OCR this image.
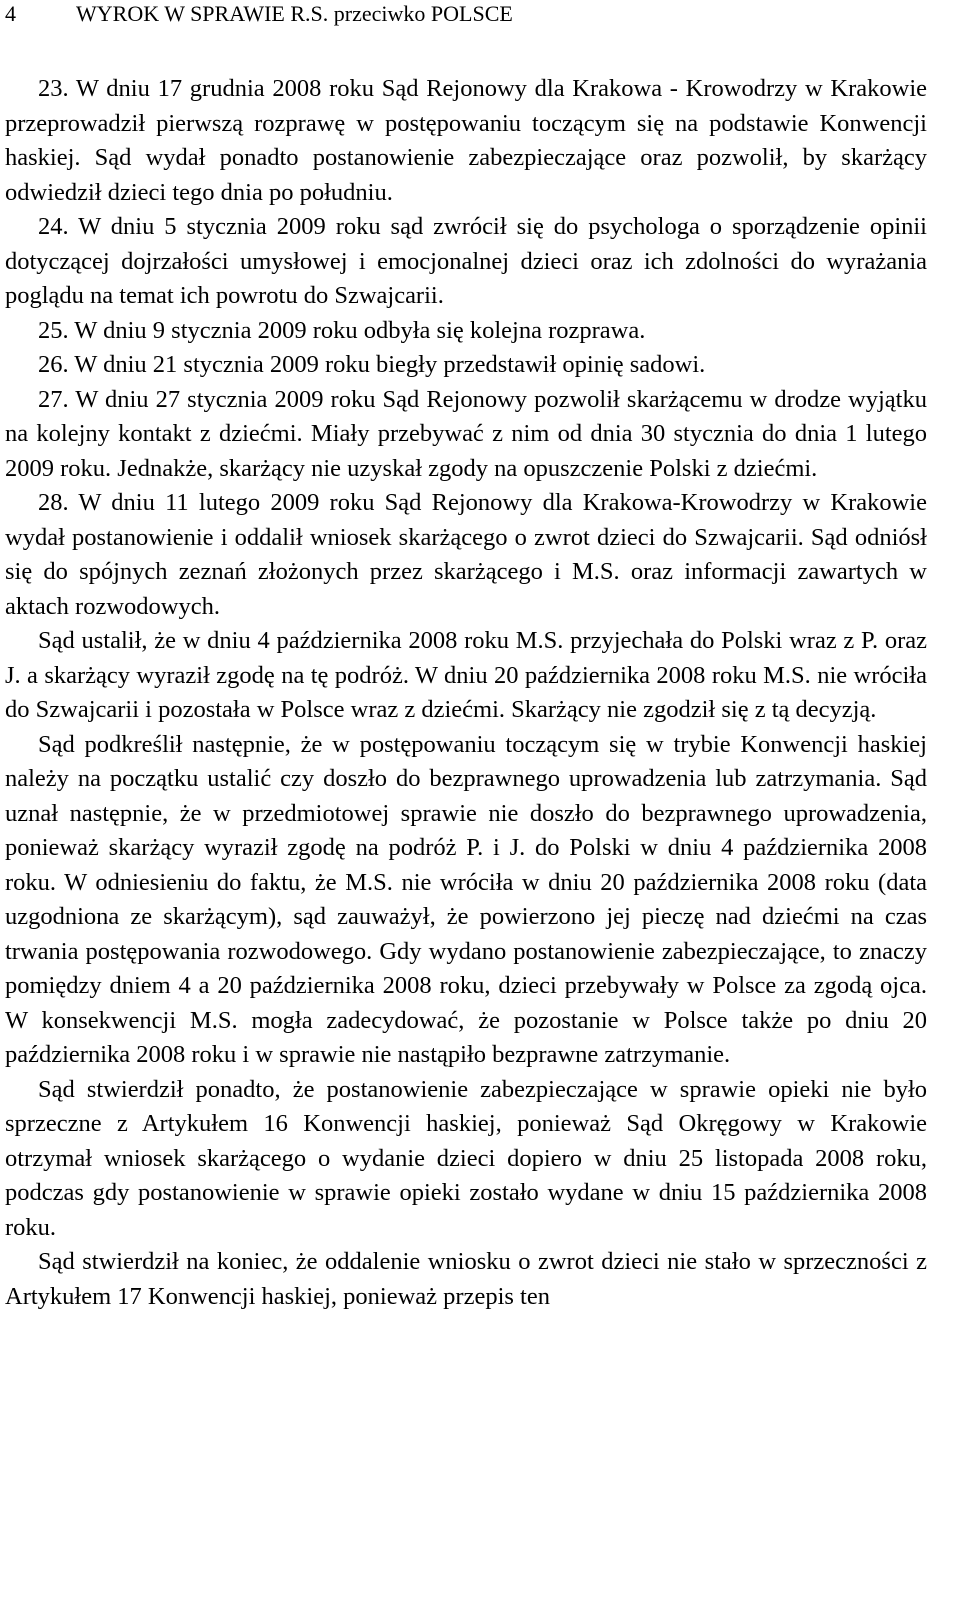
4	WYROK W SPRAWIE R.S. przeciwko POLSCE

23. W dniu 17 grudnia 2008 roku Sąd Rejonowy dla Krakowa - Krowodrzy w Krakowie przeprowadził pierwszą rozprawę w postępowaniu toczącym się na podstawie Konwencji haskiej. Sąd wydał ponadto postanowienie zabezpieczające oraz pozwolił, by skarżący odwiedził dzieci tego dnia po południu.

24. W dniu 5 stycznia 2009 roku sąd zwrócił się do psychologa o sporządzenie opinii dotyczącej dojrzałości umysłowej i emocjonalnej dzieci oraz ich zdolności do wyrażania poglądu na temat ich powrotu do Szwajcarii.

25. W dniu 9 stycznia 2009 roku odbyła się kolejna rozprawa.

26. W dniu 21 stycznia 2009 roku biegły przedstawił opinię sadowi.

27. W dniu 27 stycznia 2009 roku Sąd Rejonowy pozwolił skarżącemu w drodze wyjątku na kolejny kontakt z dziećmi. Miały przebywać z nim od dnia 30 stycznia do dnia 1 lutego 2009 roku. Jednakże, skarżący nie uzyskał zgody na opuszczenie Polski z dziećmi.

28. W dniu 11 lutego 2009 roku Sąd Rejonowy dla Krakowa-Krowodrzy w Krakowie wydał postanowienie i oddalił wniosek skarżącego o zwrot dzieci do Szwajcarii. Sąd odniósł się do spójnych zeznań złożonych przez skarżącego i M.S. oraz informacji zawartych w aktach rozwodowych.

Sąd ustalił, że w dniu 4 października 2008 roku M.S. przyjechała do Polski wraz z P. oraz J. a skarżący wyraził zgodę na tę podróż. W dniu 20 października 2008 roku M.S. nie wróciła do Szwajcarii i pozostała w Polsce wraz z dziećmi. Skarżący nie zgodził się z tą decyzją.

Sąd podkreślił następnie, że w postępowaniu toczącym się w trybie Konwencji haskiej należy na początku ustalić czy doszło do bezprawnego uprowadzenia lub zatrzymania. Sąd uznał następnie, że w przedmiotowej sprawie nie doszło do bezprawnego uprowadzenia, ponieważ skarżący wyraził zgodę na podróż P. i J. do Polski w dniu 4 października 2008 roku. W odniesieniu do faktu, że M.S. nie wróciła w dniu 20 października 2008 roku (data uzgodniona ze skarżącym), sąd zauważył, że powierzono jej pieczę nad dziećmi na czas trwania postępowania rozwodowego. Gdy wydano postanowienie zabezpieczające, to znaczy pomiędzy dniem 4 a 20 października 2008 roku, dzieci przebywały w Polsce za zgodą ojca. W konsekwencji M.S. mogła zadecydować, że pozostanie w Polsce także po dniu 20 października 2008 roku i w sprawie nie nastąpiło bezprawne zatrzymanie.

Sąd stwierdził ponadto, że postanowienie zabezpieczające w sprawie opieki nie było sprzeczne z Artykułem 16 Konwencji haskiej, ponieważ Sąd Okręgowy w Krakowie otrzymał wniosek skarżącego o wydanie dzieci dopiero w dniu 25 listopada 2008 roku, podczas gdy postanowienie w sprawie opieki zostało wydane w dniu 15 października 2008 roku.

Sąd stwierdził na koniec, że oddalenie wniosku o zwrot dzieci nie stało w sprzeczności z Artykułem 17 Konwencji haskiej, ponieważ przepis ten
